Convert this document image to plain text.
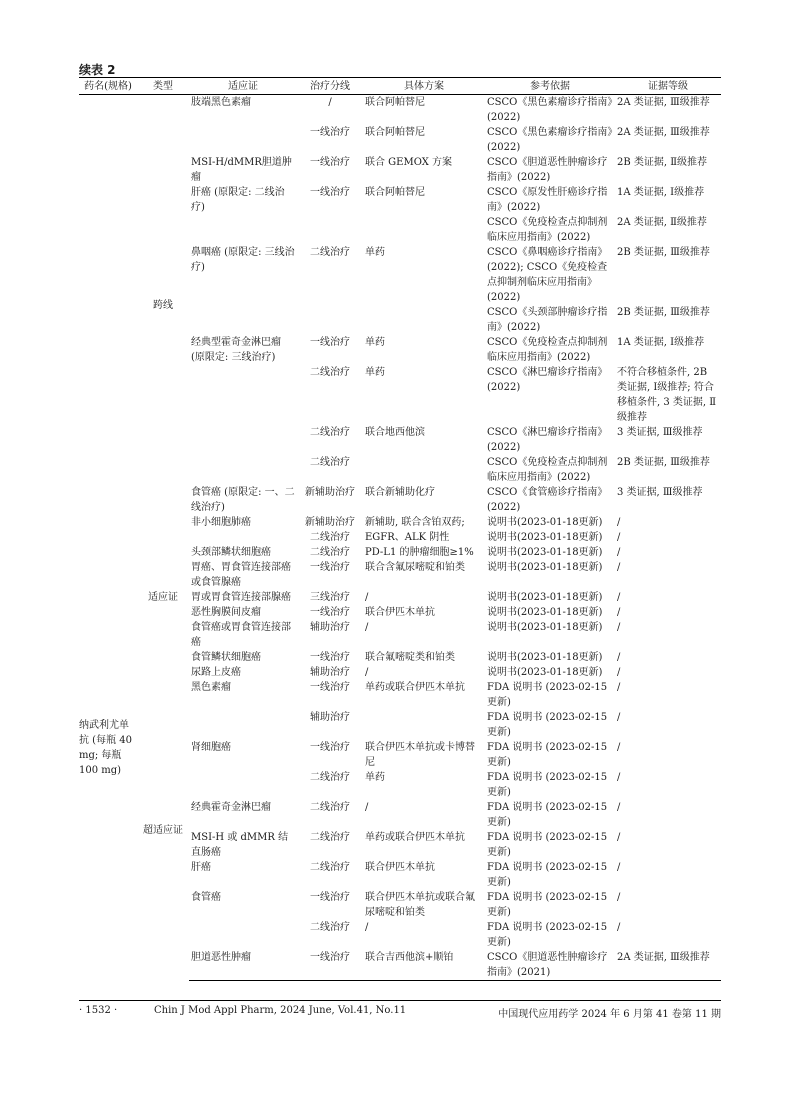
续表 2
药名(规格)	类型	适应证	治疗分线	具体方案	参考依据	证据等级
	跨线	肢端黑色素瘤	/	联合阿帕替尼	CSCO《黑色素瘤诊疗指南》(2022)	2A 类证据, Ⅲ级推荐
			一线治疗	联合阿帕替尼	CSCO《黑色素瘤诊疗指南》(2022)	2A 类证据, Ⅲ级推荐
		MSI-H/dMMR胆道肿瘤	一线治疗	联合 GEMOX 方案	CSCO《胆道恶性肿瘤诊疗指南》(2022)	2B 类证据, Ⅱ级推荐
		肝癌 (原限定: 二线治疗)	一线治疗	联合阿帕替尼	CSCO《原发性肝癌诊疗指南》(2022)	1A 类证据, Ⅰ级推荐
					CSCO《免疫检查点抑制剂临床应用指南》(2022)	2A 类证据, Ⅱ级推荐
		鼻咽癌 (原限定: 三线治疗)	二线治疗	单药	CSCO《鼻咽癌诊疗指南》(2022); CSCO《免疫检查点抑制剂临床应用指南》(2022)	2B 类证据, Ⅲ级推荐
					CSCO《头颈部肿瘤诊疗指南》(2022)	2B 类证据, Ⅲ级推荐
		经典型霍奇金淋巴瘤 (原限定: 三线治疗)	一线治疗	单药	CSCO《免疫检查点抑制剂临床应用指南》(2022)	1A 类证据, Ⅰ级推荐
			二线治疗	单药	CSCO《淋巴瘤诊疗指南》(2022)	不符合移植条件, 2B 类证据, Ⅰ级推荐; 符合移植条件, 3 类证据, Ⅱ级推荐
			二线治疗	联合地西他滨	CSCO《淋巴瘤诊疗指南》(2022)	3 类证据, Ⅲ级推荐
			二线治疗		CSCO《免疫检查点抑制剂临床应用指南》(2022)	2B 类证据, Ⅲ级推荐
		食管癌 (原限定: 一、二线治疗)	新辅助治疗	联合新辅助化疗	CSCO《食管癌诊疗指南》(2022)	3 类证据, Ⅲ级推荐
纳武利尤单抗 (每瓶 40 mg; 每瓶 100 mg)	适应证	非小细胞肺癌	新辅助治疗	新辅助, 联合含铂双药;	说明书(2023-01-18更新)	/
			二线治疗	EGFR、ALK 阴性	说明书(2023-01-18更新)	/
		头颈部鳞状细胞癌	二线治疗	PD-L1 的肿瘤细胞≥1%	说明书(2023-01-18更新)	/
		胃癌、胃食管连接部癌或食管腺癌	一线治疗	联合含氟尿嘧啶和铂类	说明书(2023-01-18更新)	/
		胃或胃食管连接部腺癌	三线治疗	/	说明书(2023-01-18更新)	/
		恶性胸膜间皮瘤	一线治疗	联合伊匹木单抗	说明书(2023-01-18更新)	/
		食管癌或胃食管连接部癌	辅助治疗	/	说明书(2023-01-18更新)	/
		食管鳞状细胞癌	一线治疗	联合氟嘧啶类和铂类	说明书(2023-01-18更新)	/
		尿路上皮癌	辅助治疗	/	说明书(2023-01-18更新)	/
	超适应证	黑色素瘤	一线治疗	单药或联合伊匹木单抗	FDA 说明书 (2023-02-15 更新)	/
			辅助治疗		FDA 说明书 (2023-02-15 更新)	/
		肾细胞癌	一线治疗	联合伊匹木单抗或卡博替尼	FDA 说明书 (2023-02-15 更新)	/
			二线治疗	单药	FDA 说明书 (2023-02-15 更新)	/
		经典霍奇金淋巴瘤	二线治疗	/	FDA 说明书 (2023-02-15 更新)	/
		MSI-H 或 dMMR 结直肠癌	二线治疗	单药或联合伊匹木单抗	FDA 说明书 (2023-02-15 更新)	/
		肝癌	二线治疗	联合伊匹木单抗	FDA 说明书 (2023-02-15 更新)	/
		食管癌	一线治疗	联合伊匹木单抗或联合氟尿嘧啶和铂类	FDA 说明书 (2023-02-15 更新)	/
			二线治疗	/	FDA 说明书 (2023-02-15 更新)	/
		胆道恶性肿瘤	一线治疗	联合吉西他滨+顺铂	CSCO《胆道恶性肿瘤诊疗指南》(2021)	2A 类证据, Ⅲ级推荐
· 1532 ·	Chin J Mod Appl Pharm, 2024 June, Vol.41, No.11	中国现代应用药学 2024 年 6 月第 41 卷第 11 期
